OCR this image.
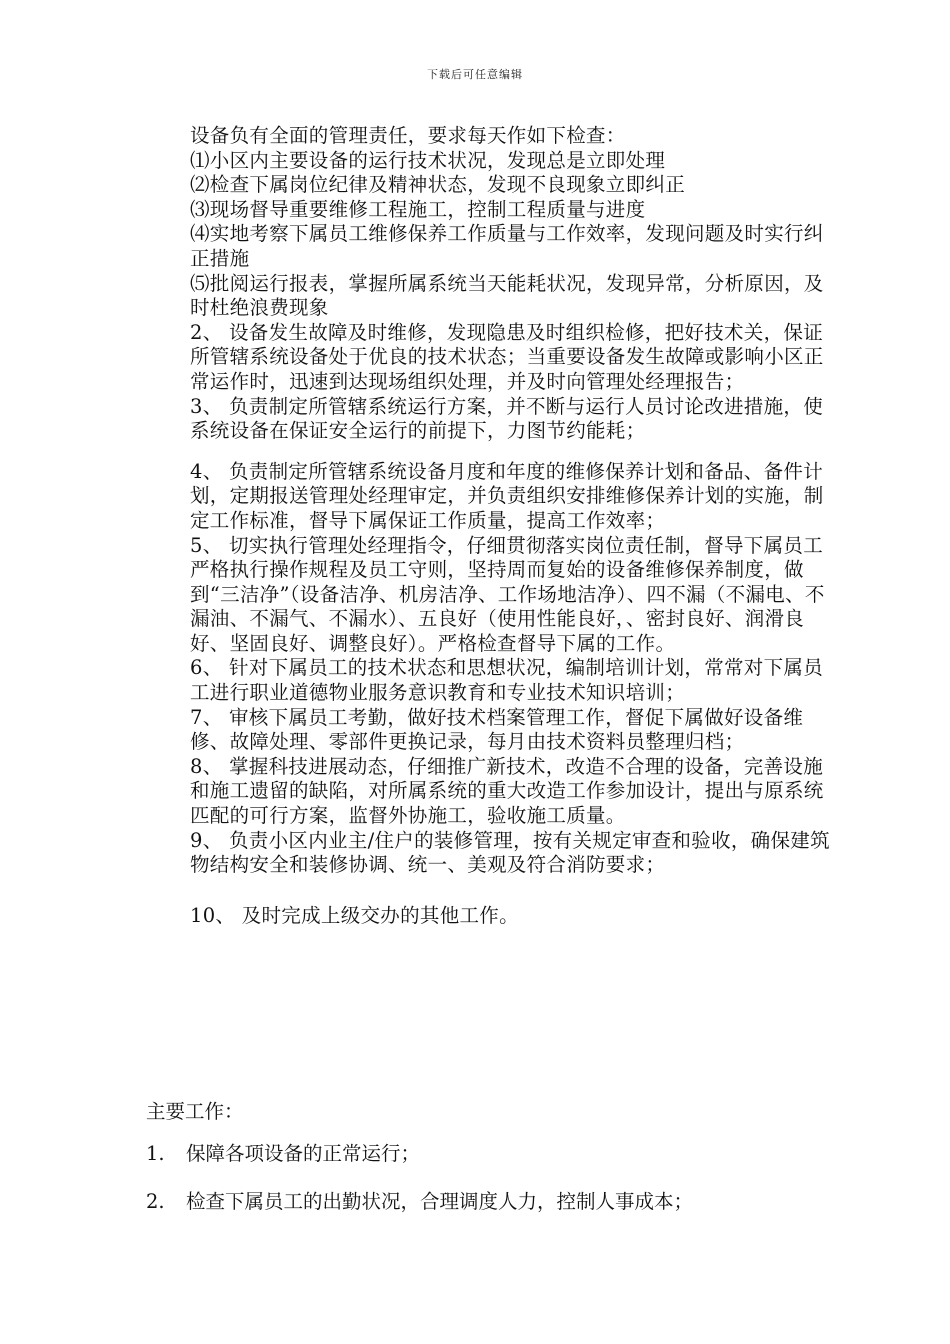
下载后可任意编辑

设备负有全面的管理责任，要求每天作如下检查：

⑴小区内主要设备的运行技术状况，发现总是立即处理

⑵检查下属岗位纪律及精神状态，发现不良现象立即纠正

⑶现场督导重要维修工程施工，控制工程质量与进度

⑷实地考察下属员工维修保养工作质量与工作效率，发现问题及时实行纠正措施

⑸批阅运行报表，掌握所属系统当天能耗状况，发现异常，分析原因，及时杜绝浪费现象

2、 设备发生故障及时维修，发现隐患及时组织检修，把好技术关，保证所管辖系统设备处于优良的技术状态；当重要设备发生故障或影响小区正常运作时，迅速到达现场组织处理，并及时向管理处经理报告；

3、 负责制定所管辖系统运行方案，并不断与运行人员讨论改进措施，使系统设备在保证安全运行的前提下，力图节约能耗；

4、 负责制定所管辖系统设备月度和年度的维修保养计划和备品、备件计划，定期报送管理处经理审定，并负责组织安排维修保养计划的实施，制定工作标准，督导下属保证工作质量，提高工作效率；

5、 切实执行管理处经理指令，仔细贯彻落实岗位责任制，督导下属员工严格执行操作规程及员工守则，坚持周而复始的设备维修保养制度，做到“三洁净”（设备洁净、机房洁净、工作场地洁净）、四不漏（不漏电、不漏油、不漏气、不漏水）、五良好（使用性能良好，、密封良好、润滑良好、坚固良好、调整良好）。严格检查督导下属的工作。

6、 针对下属员工的技术状态和思想状况，编制培训计划，常常对下属员工进行职业道德物业服务意识教育和专业技术知识培训；

7、 审核下属员工考勤，做好技术档案管理工作，督促下属做好设备维修、故障处理、零部件更换记录，每月由技术资料员整理归档；

8、 掌握科技进展动态，仔细推广新技术，改造不合理的设备，完善设施和施工遗留的缺陷，对所属系统的重大改造工作参加设计，提出与原系统匹配的可行方案，监督外协施工，验收施工质量。

9、 负责小区内业主/住户的装修管理，按有关规定审查和验收，确保建筑物结构安全和装修协调、统一、美观及符合消防要求；

10、 及时完成上级交办的其他工作。

主要工作：

1. 保障各项设备的正常运行；
2. 检查下属员工的出勤状况，合理调度人力，控制人事成本；
